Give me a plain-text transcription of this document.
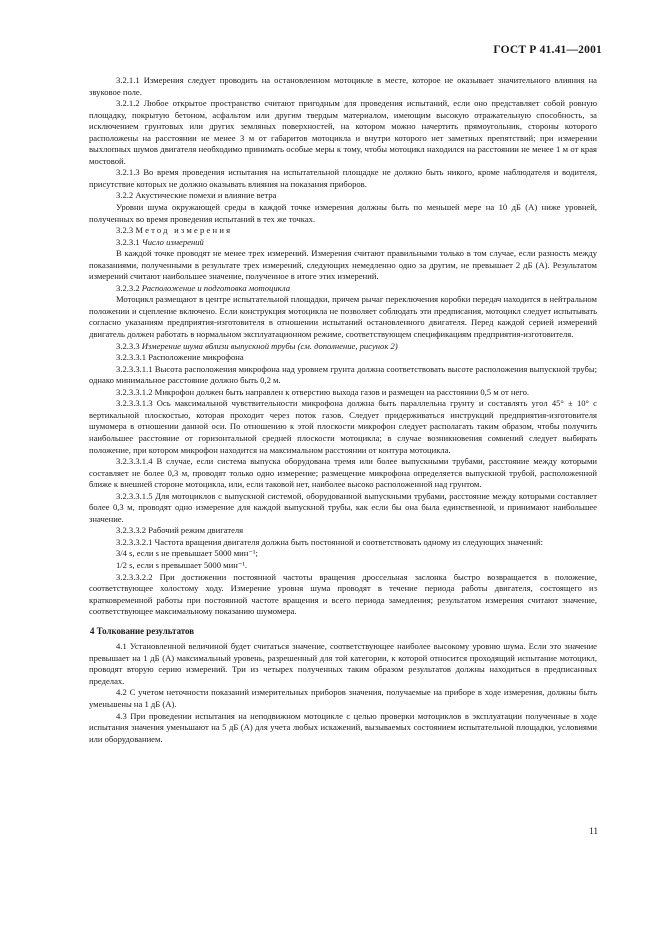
ГОСТ Р 41.41—2001

3.2.1.1 Измерения следует проводить на остановленном мотоцикле в месте, которое не оказывает значительного влияния на звуковое поле.

3.2.1.2 Любое открытое пространство считают пригодным для проведения испытаний, если оно представляет собой ровную площадку, покрытую бетоном, асфальтом или другим твердым материалом, имеющим высокую отражательную способность, за исключением грунтовых или других земляных поверхностей, на котором можно начертить прямоугольник, стороны которого расположены на расстоянии не менее 3 м от габаритов мотоцикла и внутри которого нет заметных препятствий; при измерении выхлопных шумов двигателя необходимо принимать особые меры к тому, чтобы мотоцикл находился на расстоянии не менее 1 м от края мостовой.

3.2.1.3 Во время проведения испытания на испытательной площадке не должно быть никого, кроме наблюдателя и водителя, присутствие которых не должно оказывать влияния на показания приборов.

3.2.2 Акустические помехи и влияние ветра

Уровни шума окружающей среды в каждой точке измерения должны быть по меньшей мере на 10 дБ (А) ниже уровней, полученных во время проведения испытаний в тех же точках.

3.2.3 Метод измерения

3.2.3.1 Число измерений

В каждой точке проводят не менее трех измерений. Измерения считают правильными только в том случае, если разность между показаниями, полученными в результате трех измерений, следующих немедленно одно за другим, не превышает 2 дБ (А). Результатом измерений считают наибольшее значение, полученное в итоге этих измерений.

3.2.3.2 Расположение и подготовка мотоцикла

Мотоцикл размещают в центре испытательной площадки, причем рычаг переключения коробки передач находится в нейтральном положении и сцепление включено. Если конструкция мотоцикла не позволяет соблюдать эти предписания, мотоцикл следует испытывать согласно указаниям предприятия-изготовителя в отношении испытаний остановленного двигателя. Перед каждой серией измерений двигатель должен работать в нормальном эксплуатационном режиме, соответствующем спецификациям предприятия-изготовителя.

3.2.3.3 Измерение шума вблизи выпускной трубы (см. дополнение, рисунок 2)

3.2.3.3.1 Расположение микрофона

3.2.3.3.1.1 Высота расположения микрофона над уровнем грунта должна соответствовать высоте расположения выпускной трубы; однако минимальное расстояние должно быть 0,2 м.

3.2.3.3.1.2 Микрофон должен быть направлен к отверстию выхода газов и размещен на расстоянии 0,5 м от него.

3.2.3.3.1.3 Ось максимальной чувствительности микрофона должна быть параллельна грунту и составлять угол 45° ± 10° с вертикальной плоскостью, которая проходит через поток газов. Следует придерживаться инструкций предприятия-изготовителя шумомера в отношении данной оси. По отношению к этой плоскости микрофон следует располагать таким образом, чтобы получить наибольшее расстояние от горизонтальной средней плоскости мотоцикла; в случае возникновения сомнений следует выбирать положение, при котором микрофон находится на максимальном расстоянии от контура мотоцикла.

3.2.3.3.1.4 В случае, если система выпуска оборудована тремя или более выпускными трубами, расстояние между которыми составляет не более 0,3 м, проводят только одно измерение; размещение микрофона определяется выпускной трубой, расположенной ближе к внешней стороне мотоцикла, или, если таковой нет, наиболее высоко расположенной над грунтом.

3.2.3.3.1.5 Для мотоциклов с выпускной системой, оборудованной выпускными трубами, расстояние между которыми составляет более 0,3 м, проводят одно измерение для каждой выпускной трубы, как если бы она была единственной, и принимают наибольшее значение.

3.2.3.3.2 Рабочий режим двигателя

3.2.3.3.2.1 Частота вращения двигателя должна быть постоянной и соответствовать одному из следующих значений:

3/4 s, если s не превышает 5000 мин⁻¹;

1/2 s, если s превышает 5000 мин⁻¹.

3.2.3.3.2.2 При достижении постоянной частоты вращения дроссельная заслонка быстро возвращается в положение, соответствующее холостому ходу. Измерение уровня шума проводят в течение периода работы двигателя, состоящего из кратковременной работы при постоянной частоте вращения и всего периода замедления; результатом измерения считают значение, соответствующее максимальному показанию шумомера.

4 Толкование результатов

4.1 Установленной величиной будет считаться значение, соответствующее наиболее высокому уровню шума. Если это значение превышает на 1 дБ (А) максимальный уровень, разрешенный для той категории, к которой относится проходящий испытание мотоцикл, проводят вторую серию измерений. Три из четырех полученных таким образом результатов должны находиться в предписанных пределах.

4.2 С учетом неточности показаний измерительных приборов значения, получаемые на приборе в ходе измерения, должны быть уменьшены на 1 дБ (А).

4.3 При проведении испытания на неподвижном мотоцикле с целью проверки мотоциклов в эксплуатации полученные в ходе испытания значения уменьшают на 5 дБ (А) для учета любых искажений, вызываемых состоянием испытательной площадки, условиями или оборудованием.

11
